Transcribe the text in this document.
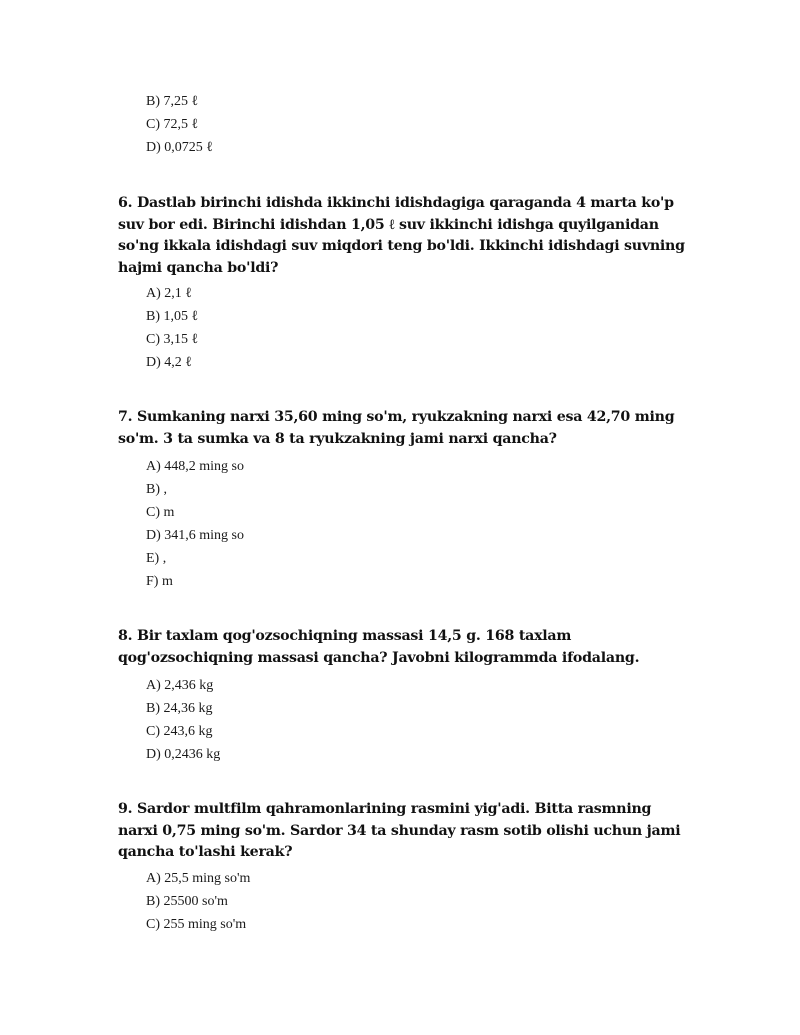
B) 7,25 ℓ
C) 72,5 ℓ
D) 0,0725 ℓ
6. Dastlab birinchi idishda ikkinchi idishdagiga qaraganda 4 marta ko'p suv bor edi. Birinchi idishdan 1,05 ℓ suv ikkinchi idishga quyilganidan so'ng ikkala idishdagi suv miqdori teng bo'ldi. Ikkinchi idishdagi suvning hajmi qancha bo'ldi?
A) 2,1 ℓ
B) 1,05 ℓ
C) 3,15 ℓ
D) 4,2 ℓ
7. Sumkaning narxi 35,60 ming so'm, ryukzakning narxi esa 42,70 ming so'm. 3 ta sumka va 8 ta ryukzakning jami narxi qancha?
A) 448,2 ming so
B) ,
C) m
D) 341,6 ming so
E) ,
F) m
8. Bir taxlam qog'ozsochiqning massasi 14,5 g. 168 taxlam qog'ozsochiqning massasi qancha? Javobni kilogrammda ifodalang.
A) 2,436 kg
B) 24,36 kg
C) 243,6 kg
D) 0,2436 kg
9. Sardor multfilm qahramonlarining rasmini yig'adi. Bitta rasmning narxi 0,75 ming so'm. Sardor 34 ta shunday rasm sotib olishi uchun jami qancha to'lashi kerak?
A) 25,5 ming so'm
B) 25500 so'm
C) 255 ming so'm
